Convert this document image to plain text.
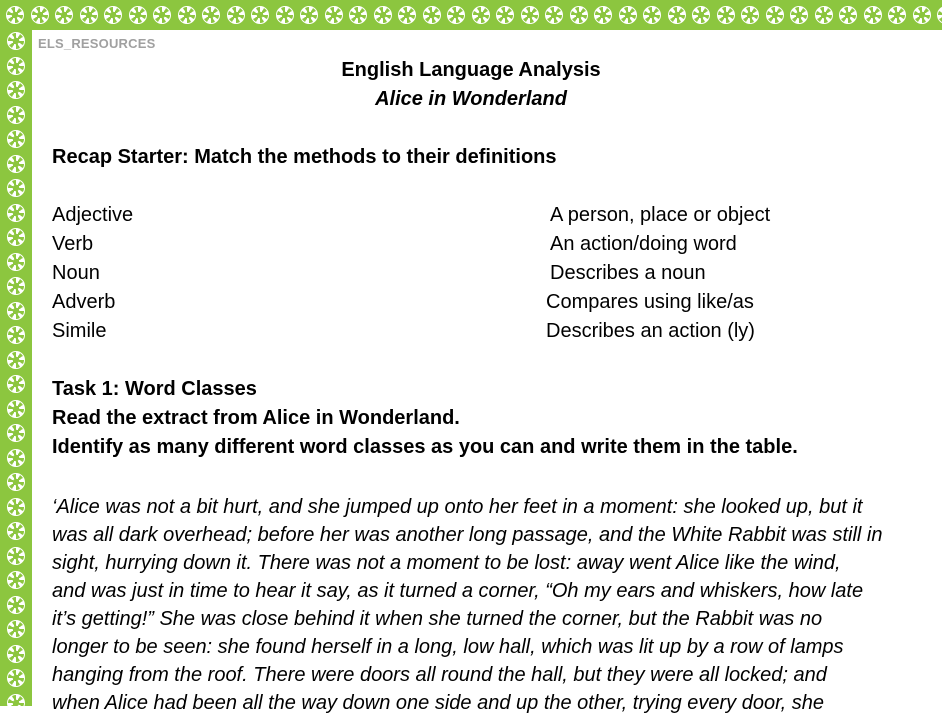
ELS_RESOURCES
English Language Analysis
Alice in Wonderland
Recap Starter: Match the methods to their definitions
Adjective
Verb
Noun
Adverb
Simile
A person, place or object
An action/doing word
Describes a noun
Compares using like/as
Describes an action (ly)
Task 1: Word Classes
Read the extract from Alice in Wonderland.
Identify as many different word classes as you can and write them in the table.
‘Alice was not a bit hurt, and she jumped up onto her feet in a moment: she looked up, but it
was all dark overhead; before her was another long passage, and the White Rabbit was still in
sight, hurrying down it. There was not a moment to be lost: away went Alice like the wind,
and was just in time to hear it say, as it turned a corner, “Oh my ears and whiskers, how late
it’s getting!” She was close behind it when she turned the corner, but the Rabbit was no
longer to be seen: she found herself in a long, low hall, which was lit up by a row of lamps
hanging from the roof. There were doors all round the hall, but they were all locked; and
when Alice had been all the way down one side and up the other, trying every door, she
